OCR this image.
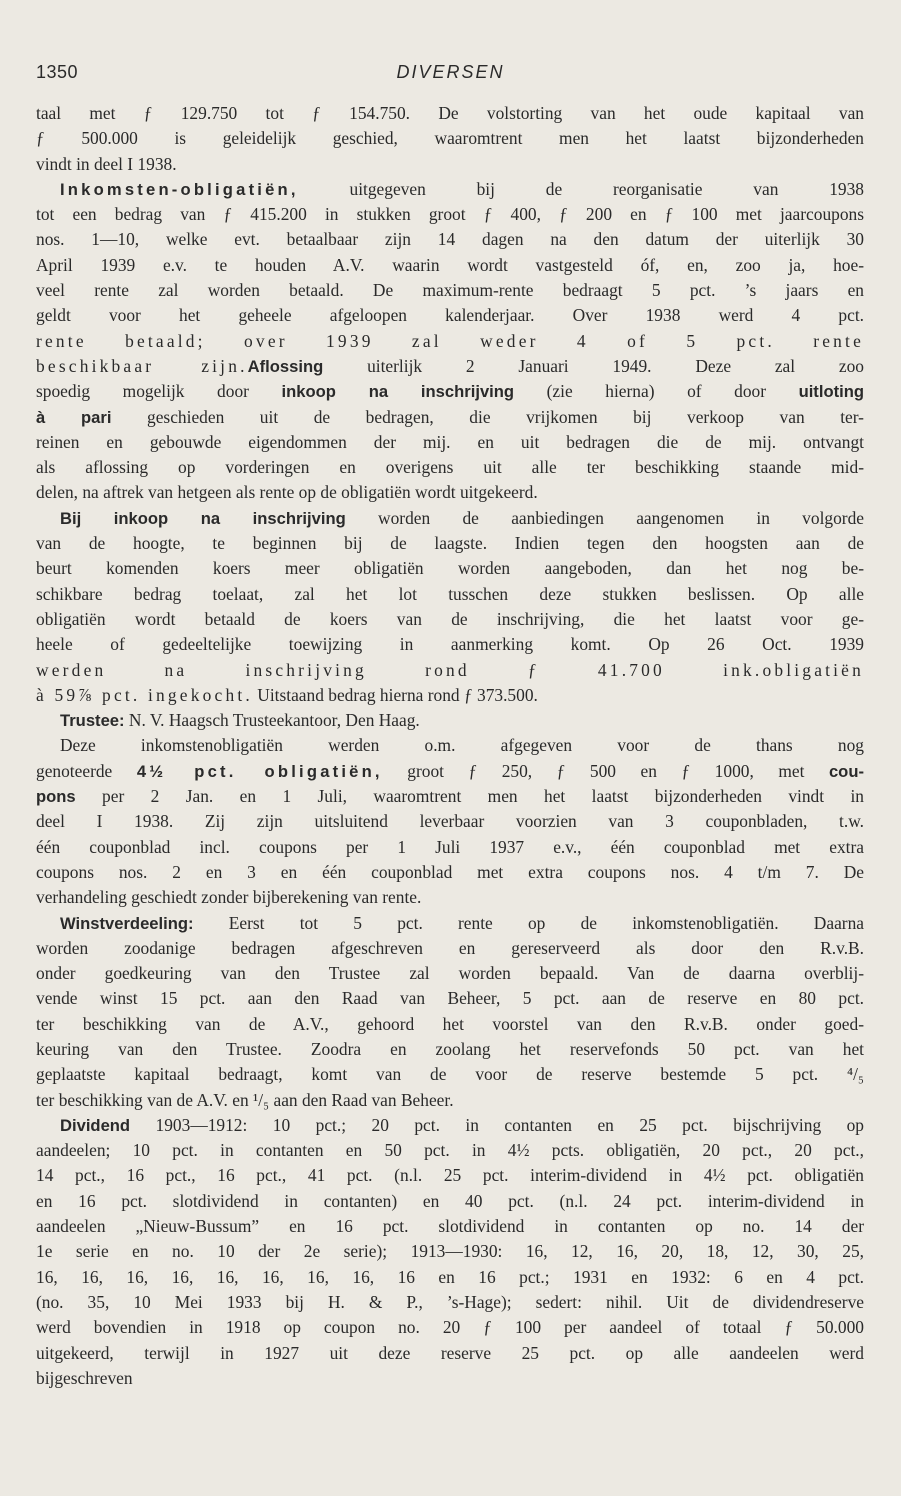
1350	DIVERSEN
taal met ƒ 129.750 tot ƒ 154.750. De volstorting van het oude kapitaal van
ƒ 500.000 is geleidelijk geschied, waaromtrent men het laatst bijzonderheden
vindt in deel I 1938.
Inkomsten-obligatiën, uitgegeven bij de reorganisatie van 1938
tot een bedrag van ƒ 415.200 in stukken groot ƒ 400, ƒ 200 en ƒ 100 met jaarcoupons
nos. 1—10, welke evt. betaalbaar zijn 14 dagen na den datum der uiterlijk 30
April 1939 e.v. te houden A.V. waarin wordt vastgesteld óf, en, zoo ja, hoe-
veel rente zal worden betaald. De maximum-rente bedraagt 5 pct. ’s jaars en
geldt voor het geheele afgeloopen kalenderjaar. Over 1938 werd 4 pct.
rente betaald; over 1939 zal weder 4 of 5 pct. rente
beschikbaar zijn.Aflossing uiterlijk 2 Januari 1949. Deze zal zoo
spoedig mogelijk door inkoop na inschrijving (zie hierna) of door uitloting
à pari geschieden uit de bedragen, die vrijkomen bij verkoop van ter-
reinen en gebouwde eigendommen der mij. en uit bedragen die de mij. ontvangt
als aflossing op vorderingen en overigens uit alle ter beschikking staande mid-
delen, na aftrek van hetgeen als rente op de obligatiën wordt uitgekeerd.
Bij inkoop na inschrijving worden de aanbiedingen aangenomen in volgorde
van de hoogte, te beginnen bij de laagste. Indien tegen den hoogsten aan de
beurt komenden koers meer obligatiën worden aangeboden, dan het nog be-
schikbare bedrag toelaat, zal het lot tusschen deze stukken beslissen. Op alle
obligatiën wordt betaald de koers van de inschrijving, die het laatst voor ge-
heele of gedeeltelijke toewijzing in aanmerking komt. Op 26 Oct. 1939
werden na inschrijving rond ƒ 41.700 ink.obligatiën
à 59⅞ pct. ingekocht. Uitstaand bedrag hierna rond ƒ 373.500.
Trustee: N. V. Haagsch Trusteekantoor, Den Haag.
Deze inkomstenobligatiën werden o.m. afgegeven voor de thans nog
genoteerde 4½ pct. obligatiën, groot ƒ 250, ƒ 500 en ƒ 1000, met cou-
pons per 2 Jan. en 1 Juli, waaromtrent men het laatst bijzonderheden vindt in
deel I 1938. Zij zijn uitsluitend leverbaar voorzien van 3 couponbladen, t.w.
één couponblad incl. coupons per 1 Juli 1937 e.v., één couponblad met extra
coupons nos. 2 en 3 en één couponblad met extra coupons nos. 4 t/m 7. De
verhandeling geschiedt zonder bijberekening van rente.
Winstverdeeling: Eerst tot 5 pct. rente op de inkomstenobligatiën. Daarna
worden zoodanige bedragen afgeschreven en gereserveerd als door den R.v.B.
onder goedkeuring van den Trustee zal worden bepaald. Van de daarna overblij-
vende winst 15 pct. aan den Raad van Beheer, 5 pct. aan de reserve en 80 pct.
ter beschikking van de A.V., gehoord het voorstel van den R.v.B. onder goed-
keuring van den Trustee. Zoodra en zoolang het reservefonds 50 pct. van het
geplaatste kapitaal bedraagt, komt van de voor de reserve bestemde 5 pct. ⁴/₅
ter beschikking van de A.V. en ¹/₅ aan den Raad van Beheer.
Dividend 1903—1912: 10 pct.; 20 pct. in contanten en 25 pct. bijschrijving op
aandeelen; 10 pct. in contanten en 50 pct. in 4½ pcts. obligatiën, 20 pct., 20 pct.,
14 pct., 16 pct., 16 pct., 41 pct. (n.l. 25 pct. interim-dividend in 4½ pct. obligatiën
en 16 pct. slotdividend in contanten) en 40 pct. (n.l. 24 pct. interim-dividend in
aandeelen „Nieuw-Bussum” en 16 pct. slotdividend in contanten op no. 14 der
1e serie en no. 10 der 2e serie); 1913—1930: 16, 12, 16, 20, 18, 12, 30, 25,
16, 16, 16, 16, 16, 16, 16, 16, 16 en 16 pct.; 1931 en 1932: 6 en 4 pct.
(no. 35, 10 Mei 1933 bij H. & P., ’s-Hage); sedert: nihil. Uit de dividendreserve
werd bovendien in 1918 op coupon no. 20 ƒ 100 per aandeel of totaal ƒ 50.000
uitgekeerd, terwijl in 1927 uit deze reserve 25 pct. op alle aandeelen werd
bijgeschreven
